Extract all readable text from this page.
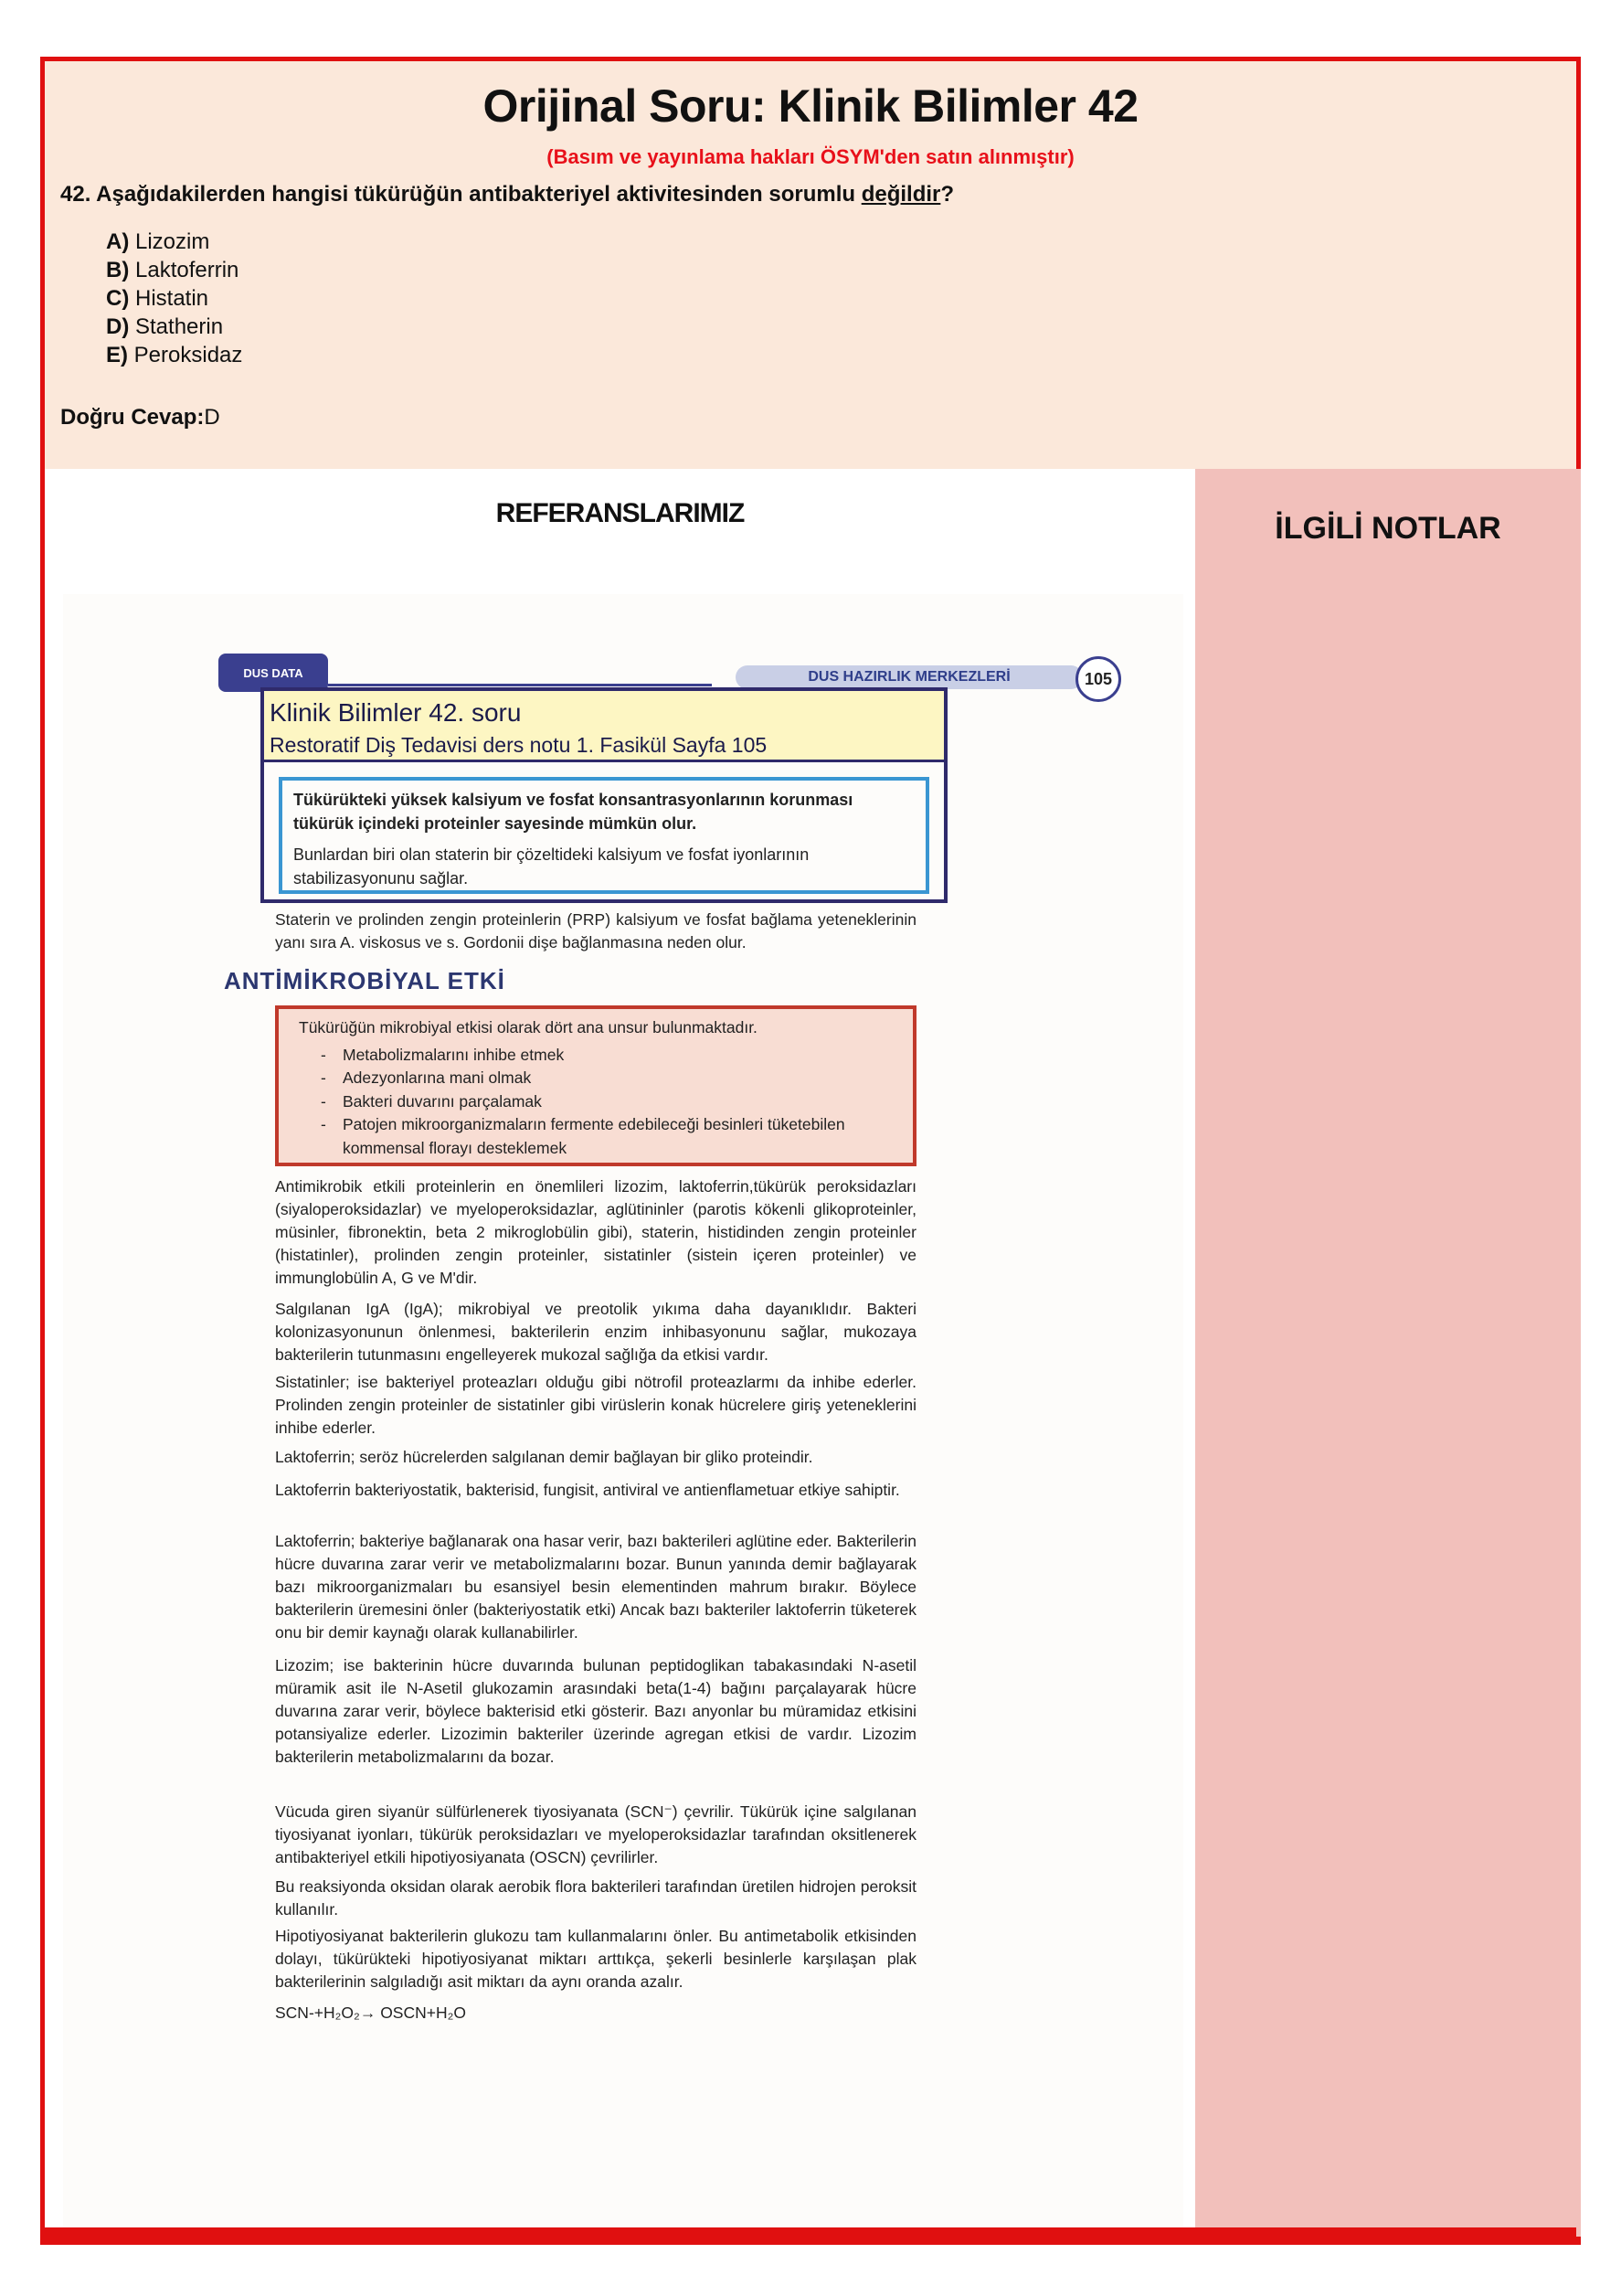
Orijinal Soru: Klinik Bilimler 42
(Basım ve yayınlama hakları ÖSYM'den satın alınmıştır)
42. Aşağıdakilerden hangisi tükürüğün antibakteriyel aktivitesinden sorumlu değildir?
A) Lizozim
B) Laktoferrin
C) Histatin
D) Statherin
E) Peroksidaz
Doğru Cevap:D
REFERANSLARIMIZ
DUS DATA	DUS HAZIRLIK MERKEZLERİ	105
Klinik Bilimler 42. soru
Restoratif Diş Tedavisi ders notu 1. Fasikül Sayfa 105
Tükürükteki yüksek kalsiyum ve fosfat konsantrasyonlarının korunması tükürük içindeki proteinler sayesinde mümkün olur.
Bunlardan biri olan staterin bir çözeltideki kalsiyum ve fosfat iyonlarının stabilizasyonunu sağlar.
Staterin ve prolinden zengin proteinlerin (PRP) kalsiyum ve fosfat bağlama yeteneklerinin yanı sıra A. viskosus ve s. Gordonii dişe bağlanmasına neden olur.
ANTİMİKROBİYAL ETKİ
Tükürüğün mikrobiyal etkisi olarak dört ana unsur bulunmaktadır.
- Metabolizmalarını inhibe etmek
- Adezyonlarına mani olmak
- Bakteri duvarını parçalamak
- Patojen mikroorganizmaların fermente edebileceği besinleri tüketebilen kommensal florayı desteklemek
Antimikrobik etkili proteinlerin en önemlileri lizozim, laktoferrin,tükürük peroksidazları (siyaloperoksidazlar) ve myeloperoksidazlar, aglütininler (parotis kökenli glikoproteinler, müsinler, fibronektin, beta 2 mikroglobülin gibi), staterin, histidinden zengin proteinler (histatinler), prolinden zengin proteinler, sistatinler (sistein içeren proteinler) ve immunglobülin A, G ve M'dir.
Salgılanan IgA (IgA); mikrobiyal ve preotolik yıkıma daha dayanıklıdır. Bakteri kolonizasyonunun önlenmesi, bakterilerin enzim inhibasyonunu sağlar, mukozaya bakterilerin tutunmasını engelleyerek mukozal sağlığa da etkisi vardır.
Sistatinler; ise bakteriyel proteazları olduğu gibi nötrofil proteazlarmı da inhibe ederler. Prolinden zengin proteinler de sistatinler gibi virüslerin konak hücrelere giriş yeteneklerini inhibe ederler.
Laktoferrin; seröz hücrelerden salgılanan demir bağlayan bir gliko proteindir.
Laktoferrin bakteriyostatik, bakterisid, fungisit, antiviral ve antienflametuar etkiye sahiptir.
Laktoferrin; bakteriye bağlanarak ona hasar verir, bazı bakterileri aglütine eder. Bakterilerin hücre duvarına zarar verir ve metabolizmalarını bozar. Bunun yanında demir bağlayarak bazı mikroorganizmaları bu esansiyel besin elementinden mahrum bırakır. Böylece bakterilerin üremesini önler (bakteriyostatik etki) Ancak bazı bakteriler laktoferrin tüketerek onu bir demir kaynağı olarak kullanabilirler.
Lizozim; ise bakterinin hücre duvarında bulunan peptidoglikan tabakasındaki N-asetil müramik asit ile N-Asetil glukozamin arasındaki beta(1-4) bağını parçalayarak hücre duvarına zarar verir, böylece bakterisid etki gösterir. Bazı anyonlar bu müramidaz etkisini potansiyalize ederler. Lizozimin bakteriler üzerinde agregan etkisi de vardır. Lizozim bakterilerin metabolizmalarını da bozar.
Vücuda giren siyanür sülfürlenerek tiyosiyanata (SCN⁻) çevrilir. Tükürük içine salgılanan tiyosiyanat iyonları, tükürük peroksidazları ve myeloperoksidazlar tarafından oksitlenerek antibakteriyel etkili hipotiyosiyanata (OSCN) çevrilirler.
Bu reaksiyonda oksidan olarak aerobik flora bakterileri tarafından üretilen hidrojen peroksit kullanılır.
Hipotiyosiyanat bakterilerin glukozu tam kullanmalarını önler. Bu antimetabolik etkisinden dolayı, tükürükteki hipotiyosiyanat miktarı arttıkça, şekerli besinlerle karşılaşan plak bakterilerinin salgıladığı asit miktarı da aynı oranda azalır.
SCN-+H₂O₂→ OSCN+H₂O
İLGİLİ NOTLAR
